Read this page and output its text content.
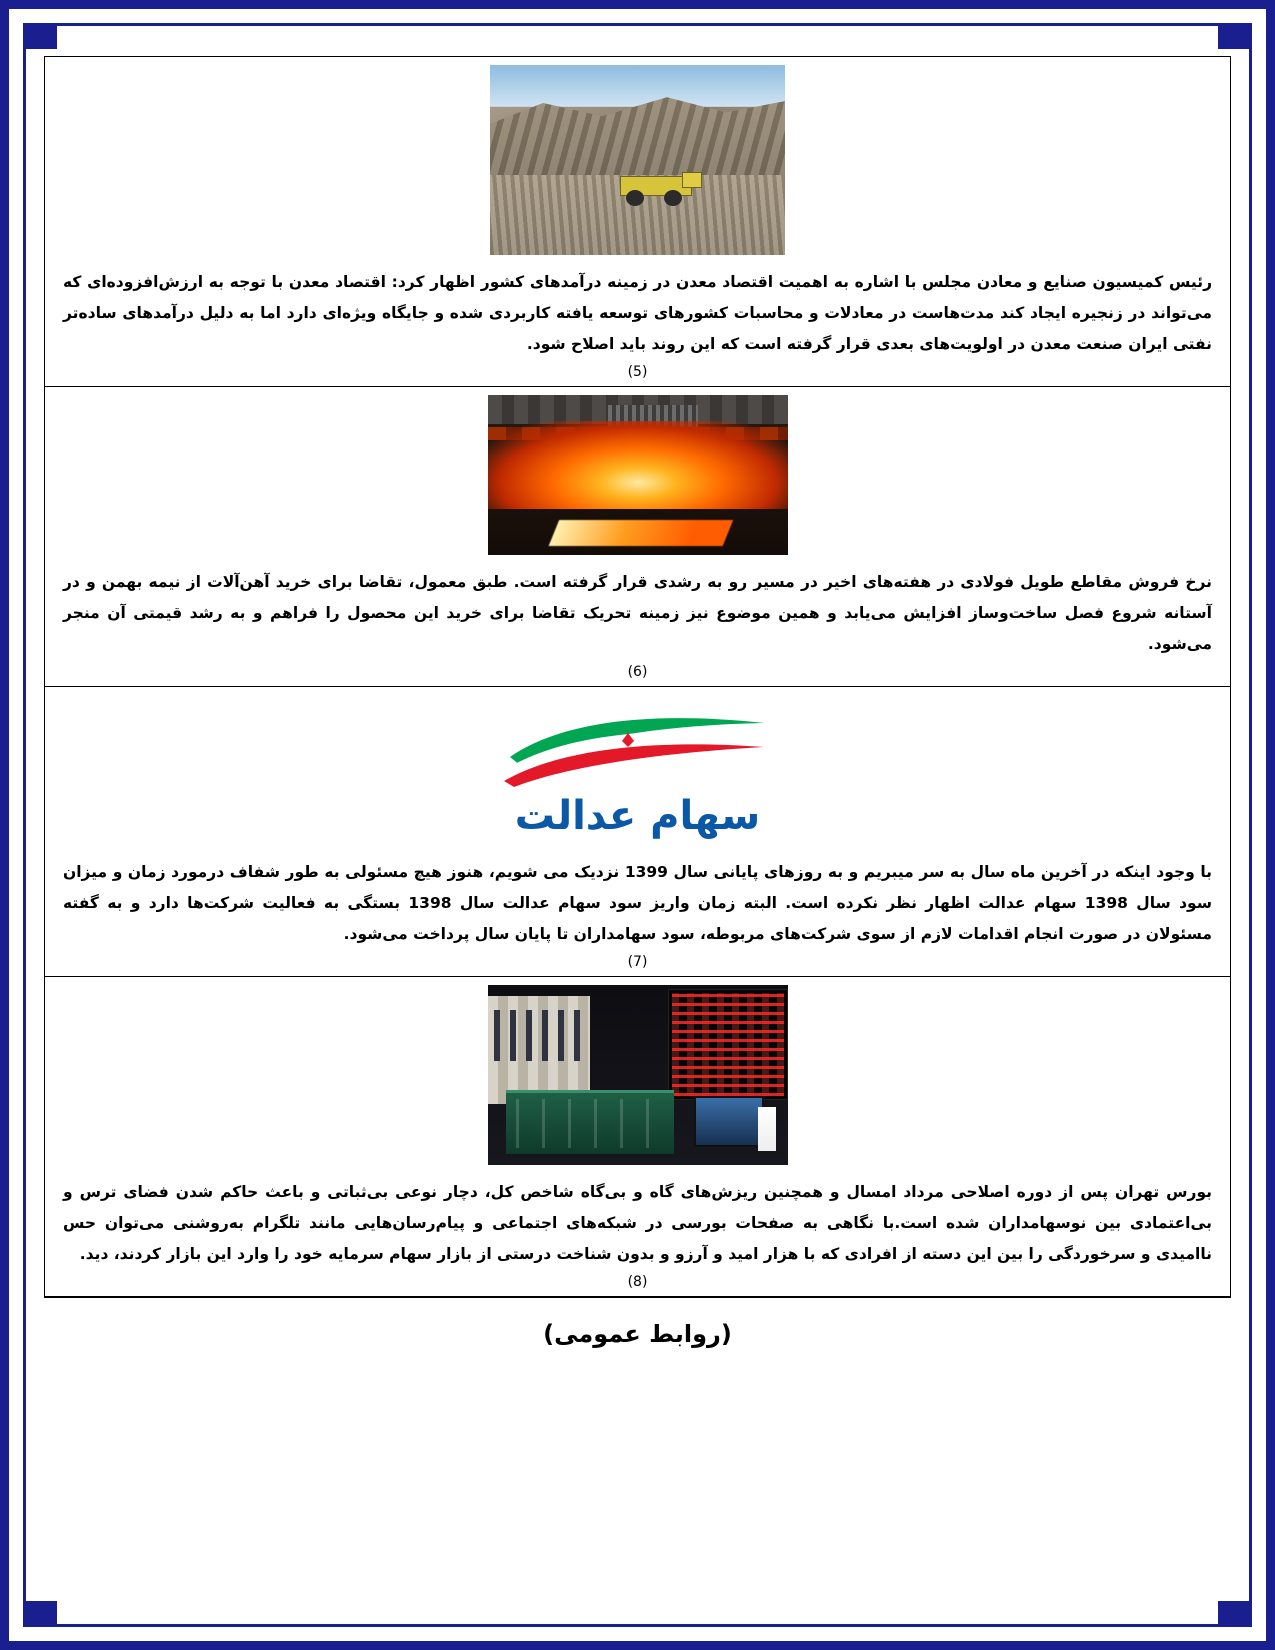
رئیس کمیسیون صنایع و معادن مجلس با اشاره به اهمیت اقتصاد معدن در زمینه درآمدهای کشور اظهار کرد: اقتصاد معدن با توجه به ارزش‌افزوده‌ای که می‌تواند در زنجیره ایجاد کند مدت‌هاست در معادلات و محاسبات کشورهای توسعه یافته کاربردی شده و جایگاه ویژه‌ای دارد اما به دلیل درآمدهای ساده‌تر نفتی ایران صنعت معدن در اولویت‌های بعدی قرار گرفته است که این روند باید اصلاح شود.
(5)
نرخ فروش مقاطع طویل فولادی در هفته‌های اخیر در مسیر رو به رشدی قرار گرفته است. طبق معمول، تقاضا برای خرید آهن‌آلات از نیمه بهمن و در آستانه شروع فصل ساخت‌وساز افزایش می‌یابد و همین موضوع نیز زمینه تحریک تقاضا برای خرید این محصول را فراهم و به رشد قیمتی آن منجر می‌شود.
(6)
سهام عدالت
با وجود اینکه در آخرین ماه سال به سر میبریم و به روزهای پایانی سال 1399 نزدیک می شویم، هنوز هیچ مسئولی به طور شفاف درمورد زمان و میزان سود سال 1398 سهام عدالت اظهار نظر نکرده است. البته زمان واریز سود سهام عدالت سال 1398 بستگی به فعالیت شرکت‌ها دارد و به گفته مسئولان در صورت انجام اقدامات لازم از سوی شرکت‌های مربوطه، سود سهامداران تا پایان سال پرداخت می‌شود.
(7)
بورس تهران پس از دوره اصلاحی مرداد امسال و همچنین ریزش‌های گاه و بی‌گاه شاخص کل، دچار نوعی بی‌ثباتی و باعث حاکم شدن فضای ترس و بی‌اعتمادی بین نوسهامداران شده است.با نگاهی به صفحات بورسی در شبکه‌های اجتماعی و پیام‌رسان‌هایی مانند تلگرام به‌روشنی می‌توان حس ناامیدی و سرخوردگی را بین این دسته از افرادی که با هزار امید و آرزو و بدون شناخت درستی از بازار سهام سرمایه خود را وارد این بازار کردند، دید.
(8)
(روابط عمومی)
